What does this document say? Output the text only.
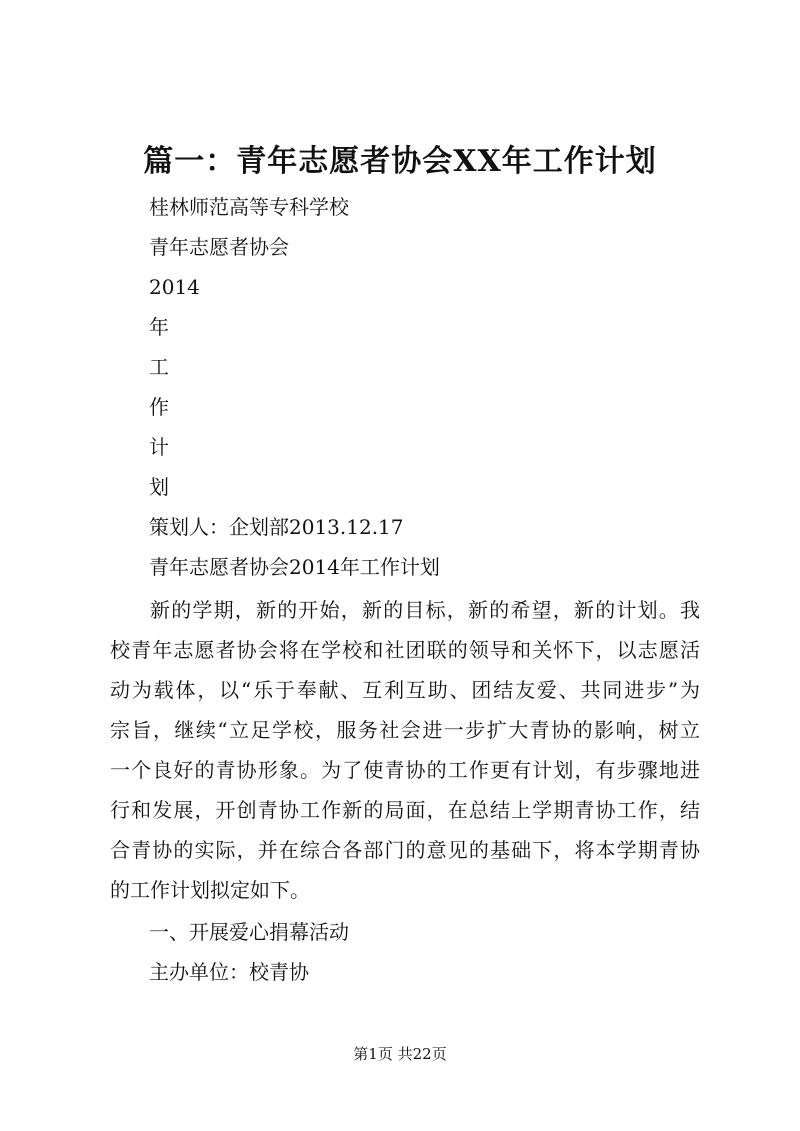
篇一：青年志愿者协会XX年工作计划
桂林师范高等专科学校
青年志愿者协会
2014
年
工
作
计
划
策划人：企划部2013.12.17
青年志愿者协会2014年工作计划
新的学期，新的开始，新的目标，新的希望，新的计划。我
校青年志愿者协会将在学校和社团联的领导和关怀下，以志愿活
动为载体，以“乐于奉献、互利互助、团结友爱、共同进步”为
宗旨，继续“立足学校，服务社会进一步扩大青协的影响，树立
一个良好的青协形象。为了使青协的工作更有计划，有步骤地进
行和发展，开创青协工作新的局面，在总结上学期青协工作，结
合青协的实际，并在综合各部门的意见的基础下，将本学期青协
的工作计划拟定如下。
一、开展爱心捐幕活动
主办单位：校青协
第1页 共22页
